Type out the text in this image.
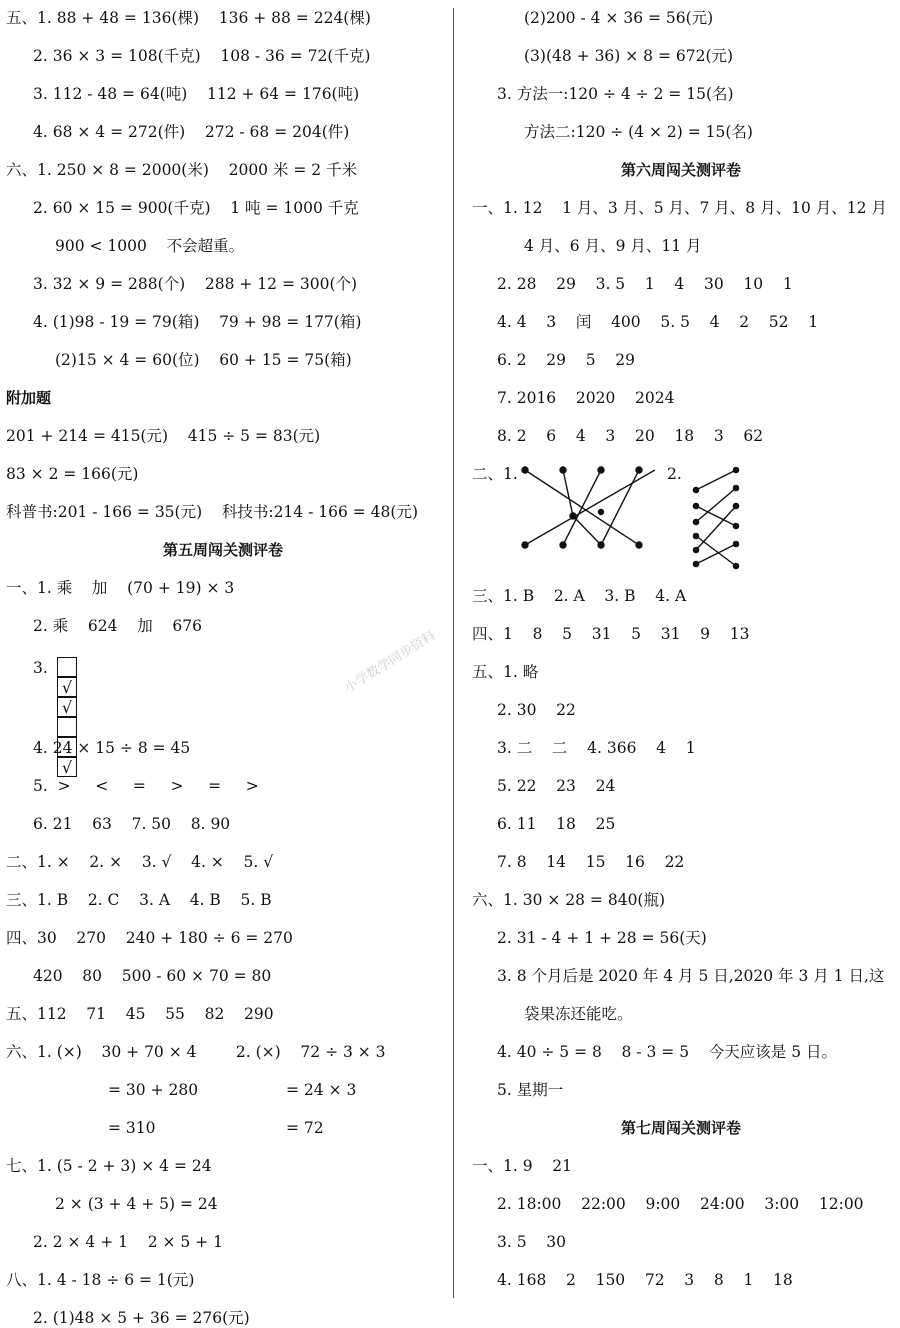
五、1. 88 + 48 = 136(棵)    136 + 88 = 224(棵)
2. 36 × 3 = 108(千克)    108 - 36 = 72(千克)
3. 112 - 48 = 64(吨)    112 + 64 = 176(吨)
4. 68 × 4 = 272(件)    272 - 68 = 204(件)
六、1. 250 × 8 = 2000(米)    2000 米 = 2 千米
2. 60 × 15 = 900(千克)    1 吨 = 1000 千克
900 < 1000    不会超重。
3. 32 × 9 = 288(个)    288 + 12 = 300(个)
4. (1)98 - 19 = 79(箱)    79 + 98 = 177(箱)
(2)15 × 4 = 60(位)    60 + 15 = 75(箱)
附加题
201 + 214 = 415(元)    415 ÷ 5 = 83(元)
83 × 2 = 166(元)
科普书:201 - 166 = 35(元)    科技书:214 - 166 = 48(元)
第五周闯关测评卷
一、1. 乘    加    (70 + 19) × 3
2. 乘    624    加    676
4. 24 × 15 ÷ 8 = 45
5.  >     <     =     >     =     >
6. 21    63    7. 50    8. 90
二、1. ×    2. ×    3. √    4. ×    5. √
三、1. B    2. C    3. A    4. B    5. B
四、30    270    240 + 180 ÷ 6 = 270
420    80    500 - 60 × 70 = 80
五、112    71    45    55    82    290
六、1. (×)    30 + 70 × 4        2. (×)    72 ÷ 3 × 3
= 30 + 280	= 24 × 3
= 310	= 72
七、1. (5 - 2 + 3) × 4 = 24
2 × (3 + 4 + 5) = 24
2. 2 × 4 + 1    2 × 5 + 1
八、1. 4 - 18 ÷ 6 = 1(元)
2. (1)48 × 5 + 36 = 276(元)
(2)200 - 4 × 36 = 56(元)
(3)(48 + 36) × 8 = 672(元)
3. 方法一:120 ÷ 4 ÷ 2 = 15(名)
方法二:120 ÷ (4 × 2) = 15(名)
第六周闯关测评卷
一、1. 12    1 月、3 月、5 月、7 月、8 月、10 月、12 月
4 月、6 月、9 月、11 月
2. 28    29    3. 5    1    4    30    10    1
4. 4    3    闰    400    5. 5    4    2    52    1
6. 2    29    5    29
7. 2016    2020    2024
8. 2    6    4    3    20    18    3    62
二、1.	2.
三、1. B    2. A    3. B    4. A
四、1    8    5    31    5    31    9    13
五、1. 略
2. 30    22
3. 二    二    4. 366    4    1
5. 22    23    24
6. 11    18    25
7. 8    14    15    16    22
六、1. 30 × 28 = 840(瓶)
2. 31 - 4 + 1 + 28 = 56(天)
3. 8 个月后是 2020 年 4 月 5 日,2020 年 3 月 1 日,这
袋果冻还能吃。
4. 40 ÷ 5 = 8    8 - 3 = 5    今天应该是 5 日。
5. 星期一
第七周闯关测评卷
一、1. 9    21
2. 18:00    22:00    9:00    24:00    3:00    12:00
3. 5    30
4. 168    2    150    72    3    8    1    18
3.
√√√
小学数学同步资料
